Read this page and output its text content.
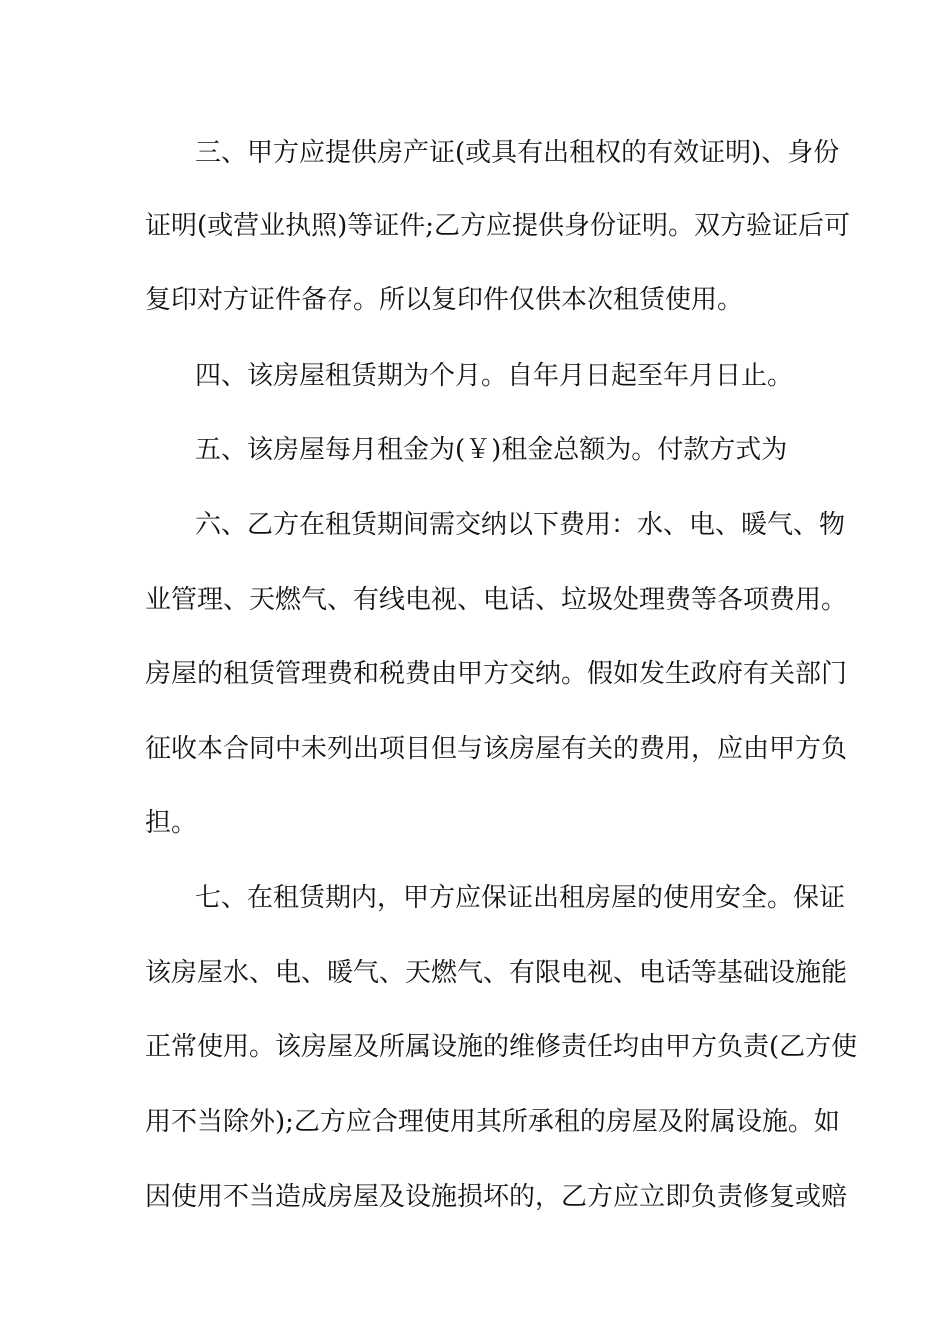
三、甲方应提供房产证(或具有出租权的有效证明)、身份
证明(或营业执照)等证件;乙方应提供身份证明。双方验证后可
复印对方证件备存。所以复印件仅供本次租赁使用。
四、该房屋租赁期为个月。自年月日起至年月日止。
五、该房屋每月租金为(￥)租金总额为。付款方式为
六、乙方在租赁期间需交纳以下费用：水、电、暖气、物
业管理、天燃气、有线电视、电话、垃圾处理费等各项费用。
房屋的租赁管理费和税费由甲方交纳。假如发生政府有关部门
征收本合同中未列出项目但与该房屋有关的费用，应由甲方负
担。
七、在租赁期内，甲方应保证出租房屋的使用安全。保证
该房屋水、电、暖气、天燃气、有限电视、电话等基础设施能
正常使用。该房屋及所属设施的维修责任均由甲方负责(乙方使
用不当除外);乙方应合理使用其所承租的房屋及附属设施。如
因使用不当造成房屋及设施损坏的，乙方应立即负责修复或赔
